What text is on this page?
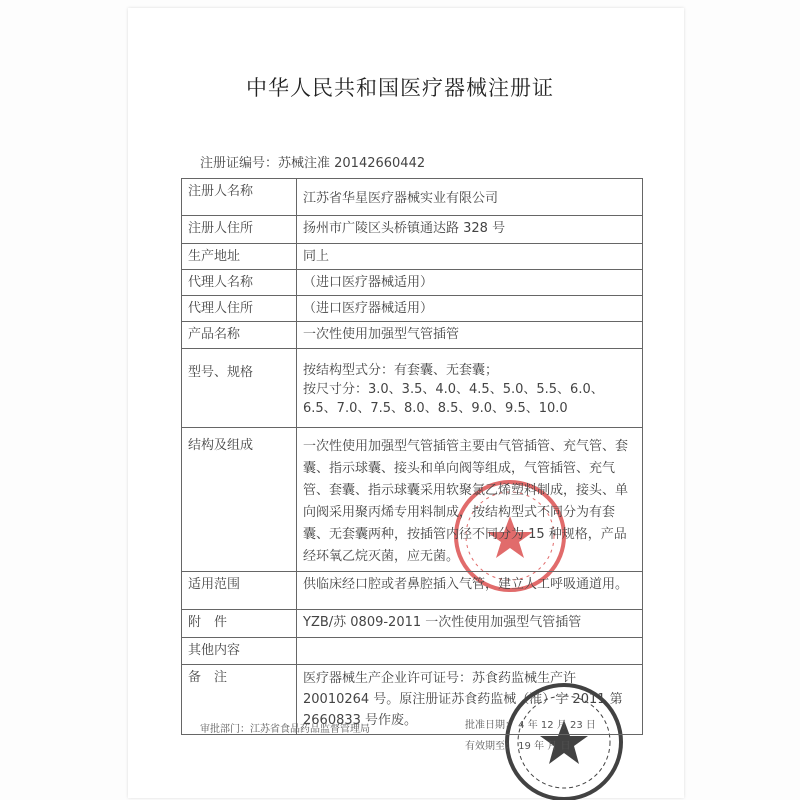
中华人民共和国医疗器械注册证
注册证编号：苏械注准 20142660442
注册人名称	江苏省华星医疗器械实业有限公司
注册人住所	扬州市广陵区头桥镇通达路 328 号
生产地址	同上
代理人名称	（进口医疗器械适用）
代理人住所	（进口医疗器械适用）
产品名称	一次性使用加强型气管插管
型号、规格	按结构型式分：有套囊、无套囊；
按尺寸分：3.0、3.5、4.0、4.5、5.0、5.5、6.0、6.5、7.0、7.5、8.0、8.5、9.0、9.5、10.0
结构及组成	一次性使用加强型气管插管主要由气管插管、充气管、套囊、指示球囊、接头和单向阀等组成，气管插管、充气管、套囊、指示球囊采用软聚氯乙烯塑料制成，接头、单向阀采用聚丙烯专用料制成，按结构型式不同分为有套囊、无套囊两种，按插管内径不同分为 15 种规格，产品经环氧乙烷灭菌，应无菌。
适用范围	供临床经口腔或者鼻腔插入气管，建立人工呼吸通道用。
附　件	YZB/苏 0809-2011 一次性使用加强型气管插管
其他内容	
备　注	医疗器械生产企业许可证号：苏食药监械生产许 20010264 号。原注册证苏食药监械（准）字 2011 第 2660833 号作废。
审批部门：江苏省食品药品监督管理局	批准日期： 4 年 12 月 23 日
有效期至： 19 年 月 日
